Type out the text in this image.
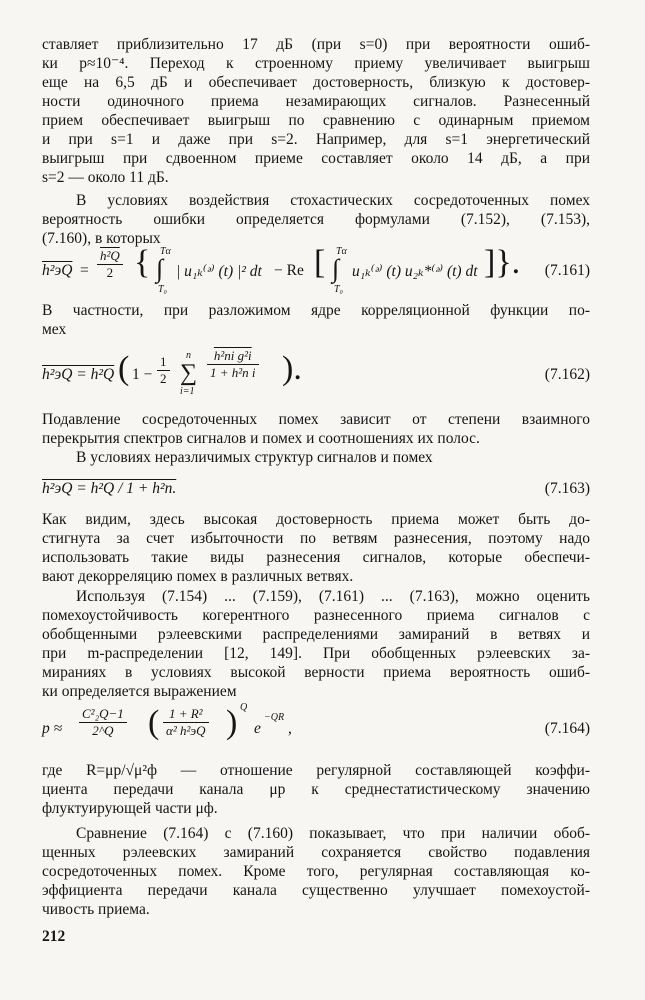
ставляет приблизительно 17 дБ (при s=0) при вероятности ошиб-
ки p≈10⁻⁴. Переход к строенному приему увеличивает выигрыш
еще на 6,5 дБ и обеспечивает достоверность, близкую к достовер-
ности одиночного приема незамирающих сигналов. Разнесенный
прием обеспечивает выигрыш по сравнению с одинарным приемом
и при s=1 и даже при s=2. Например, для s=1 энергетический
выигрыш при сдвоенном приеме составляет около 14 дБ, а при
s=2 — около 11 дБ.
В условиях воздействия стохастических сосредоточенных помех
вероятность ошибки определяется формулами (7.152), (7.153),
(7.160), в которых
$h^2эQ = \frac{\text{h²Q}}{2}$ { Tα
∫
T₀
| u₁ₖ⁽ᵊ⁾ (t) |² dt − Re [ Tα
∫
T₀
u₁ₖ⁽ᵊ⁾ (t) u₂ₖ*⁽ᵊ⁾ (t) dt ]}. (7.161)
В частности, при разложимом ядре корреляционной функции по-
мех
h²эQ = h²Q ( $1 - \frac{1}{2}$ n
∑
i=1
h²пi g²i
1 + h²п i ).	(7.162)
Подавление сосредоточенных помех зависит от степени взаимного
перекрытия спектров сигналов и помех и соотношениях их полос.
В условиях неразличимых структур сигналов и помех
h²эQ = h²Q / 1 + h²п.	(7.163)
Как видим, здесь высокая достоверность приема может быть до-
стигнута за счет избыточности по ветвям разнесения, поэтому надо
использовать такие виды разнесения сигналов, которые обеспечи-
вают декорреляцию помех в различных ветвях.
Используя (7.154) ... (7.159), (7.161) ... (7.163), можно оценить
помехоустойчивость когерентного разнесенного приема сигналов с
обобщенными рэлеевскими распределениями замираний в ветвях и
при m-распределении [12, 149]. При обобщенных рэлеевских за-
мираниях в условиях высокой верности приема вероятность ошиб-
ки определяется выражением
$p \approx \frac{\text{C²₂Q−1}}{2\^{}Q}$ ( 1 + R²
α² h²эQ ) Q
e
−QR
,	(7.164)
где R=μр/√μ²ф — отношение регулярной составляющей коэффи-
циента передачи канала μр к среднестатистическому значению
флуктуирующей части μф.
Сравнение (7.164) с (7.160) показывает, что при наличии обоб-
щенных рэлеевских замираний сохраняется свойство подавления
сосредоточенных помех. Кроме того, регулярная составляющая ко-
эффициента передачи канала существенно улучшает помехоустой-
чивость приема.
212
